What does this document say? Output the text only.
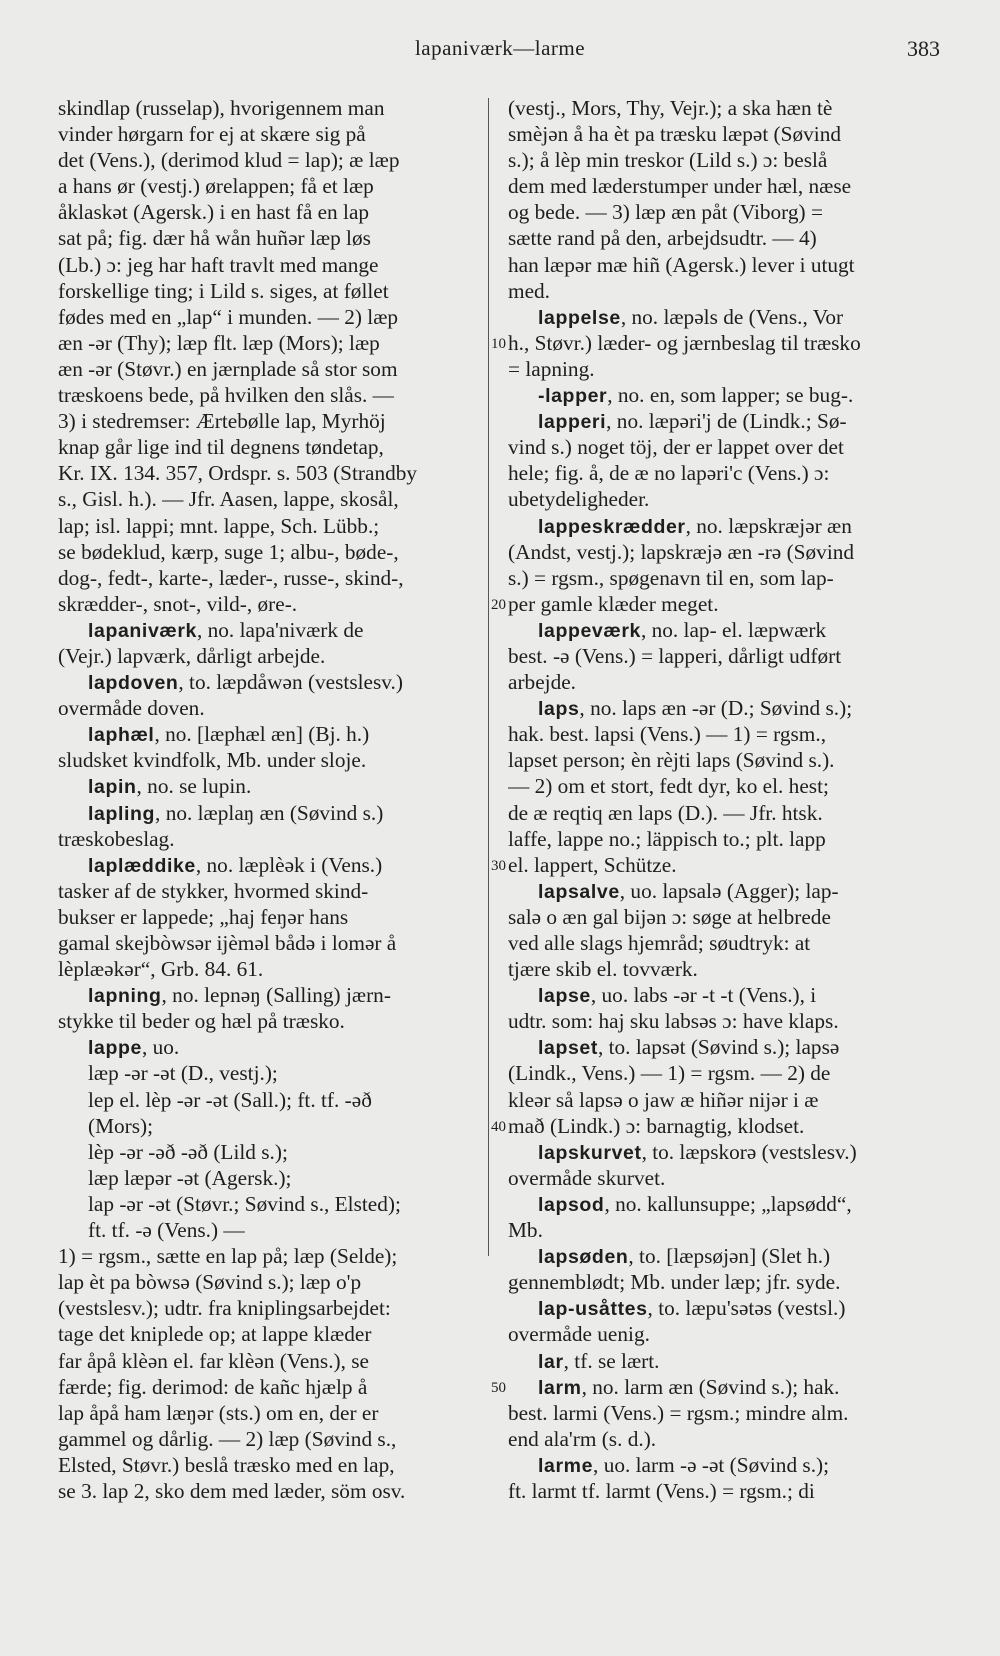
lapaniværk—larme	383
skindlap (russelap), hvorigennem man
vinder hørgarn for ej at skære sig på
det (Vens.), (derimod klud = lap); æ læp
a hans ør (vestj.) ørelappen; få et læp
åklaskət (Agersk.) i en hast få en lap
sat på; fig. dær hå wån huñər læp løs
(Lb.) ɔ: jeg har haft travlt med mange
forskellige ting; i Lild s. siges, at føllet
fødes med en „lap“ i munden. — 2) læp
æn -ər (Thy); læp flt. læp (Mors); læp
æn -ər (Støvr.) en jærnplade så stor som
træskoens bede, på hvilken den slås. —
3) i stedremser: Ærtebølle lap, Myrhöj
knap går lige ind til degnens tøndetap,
Kr. IX. 134. 357, Ordspr. s. 503 (Strandby
s., Gisl. h.). — Jfr. Aasen, lappe, skosål,
lap; isl. lappi; mnt. lappe, Sch. Lübb.;
se bødeklud, kærp, suge 1; albu-, bøde-,
dog-, fedt-, karte-, læder-, russe-, skind-,
skrædder-, snot-, vild-, øre-.
lapaniværk, no. lapa'niværk de
(Vejr.) lapværk, dårligt arbejde.
lapdoven, to. læpdåwən (vestslesv.)
overmåde doven.
laphæl, no. [læphæl æn] (Bj. h.)
sludsket kvindfolk, Mb. under sloje.
lapin, no. se lupin.
lapling, no. læplaŋ æn (Søvind s.)
træskobeslag.
laplæddike, no. læplèək i (Vens.)
tasker af de stykker, hvormed skind-
bukser er lappede; „haj feŋər hans
gamal skejbòwsər ijèməl bådə i lomər å
lèplæəkər“, Grb. 84. 61.
lapning, no. lepnəŋ (Salling) jærn-
stykke til beder og hæl på træsko.
lappe, uo.
læp -ər -ət (D., vestj.);
lep el. lèp -ər -ət (Sall.); ft. tf. -əð
(Mors);
lèp -ər -əð -əð (Lild s.);
læp læpər -ət (Agersk.);
lap -ər -ət (Støvr.; Søvind s., Elsted);
ft. tf. -ə (Vens.) —
1) = rgsm., sætte en lap på; læp (Selde);
lap èt pa bòwsə (Søvind s.); læp o'p
(vestslesv.); udtr. fra kniplingsarbejdet:
tage det kniplede op; at lappe klæder
far åpå klèən el. far klèən (Vens.), se
færde; fig. derimod: de kañc hjælp å
lap åpå ham læŋər (sts.) om en, der er
gammel og dårlig. — 2) læp (Søvind s.,
Elsted, Støvr.) beslå træsko med en lap,
se 3. lap 2, sko dem med læder, söm osv.
(vestj., Mors, Thy, Vejr.); a ska hæn tè
smèjən å ha èt pa træsku læpət (Søvind
s.); å lèp min treskor (Lild s.) ɔ: beslå
dem med læderstumper under hæl, næse
og bede. — 3) læp æn påt (Viborg) =
sætte rand på den, arbejdsudtr. — 4)
han læpər mæ hiñ (Agersk.) lever i utugt
med.
lappelse, no. læpəls de (Vens., Vor
h., Støvr.) læder- og jærnbeslag til træsko
= lapning.
-lapper, no. en, som lapper; se bug-.
lapperi, no. læpəri'j de (Lindk.; Sø-
vind s.) noget töj, der er lappet over det
hele; fig. å, de æ no lapəri'c (Vens.) ɔ:
ubetydeligheder.
lappeskrædder, no. læpskræjər æn
(Andst, vestj.); lapskræjə æn -rə (Søvind
s.) = rgsm., spøgenavn til en, som lap-
per gamle klæder meget.
lappeværk, no. lap- el. læpwærk
best. -ə (Vens.) = lapperi, dårligt udført
arbejde.
laps, no. laps æn -ər (D.; Søvind s.);
hak. best. lapsi (Vens.) — 1) = rgsm.,
lapset person; èn rèjti laps (Søvind s.).
— 2) om et stort, fedt dyr, ko el. hest;
de æ reqtiq æn laps (D.). — Jfr. htsk.
laffe, lappe no.; läppisch to.; plt. lapp
el. lappert, Schütze.
lapsalve, uo. lapsalə (Agger); lap-
salə o æn gal bijən ɔ: søge at helbrede
ved alle slags hjemråd; søudtryk: at
tjære skib el. tovværk.
lapse, uo. labs -ər -t -t (Vens.), i
udtr. som: haj sku labsəs ɔ: have klaps.
lapset, to. lapsət (Søvind s.); lapsə
(Lindk., Vens.) — 1) = rgsm. — 2) de
kleər så lapsə o jaw æ hiñər nijər i æ
mað (Lindk.) ɔ: barnagtig, klodset.
lapskurvet, to. læpskorə (vestslesv.)
overmåde skurvet.
lapsod, no. kallunsuppe; „lapsødd“,
Mb.
lapsøden, to. [læpsøjən] (Slet h.)
gennemblødt; Mb. under læp; jfr. syde.
lap-usåttes, to. læpu'sətəs (vestsl.)
overmåde uenig.
lar, tf. se lært.
larm, no. larm æn (Søvind s.); hak.
best. larmi (Vens.) = rgsm.; mindre alm.
end ala'rm (s. d.).
larme, uo. larm -ə -ət (Søvind s.);
ft. larmt tf. larmt (Vens.) = rgsm.; di
10
20
30
40
50
